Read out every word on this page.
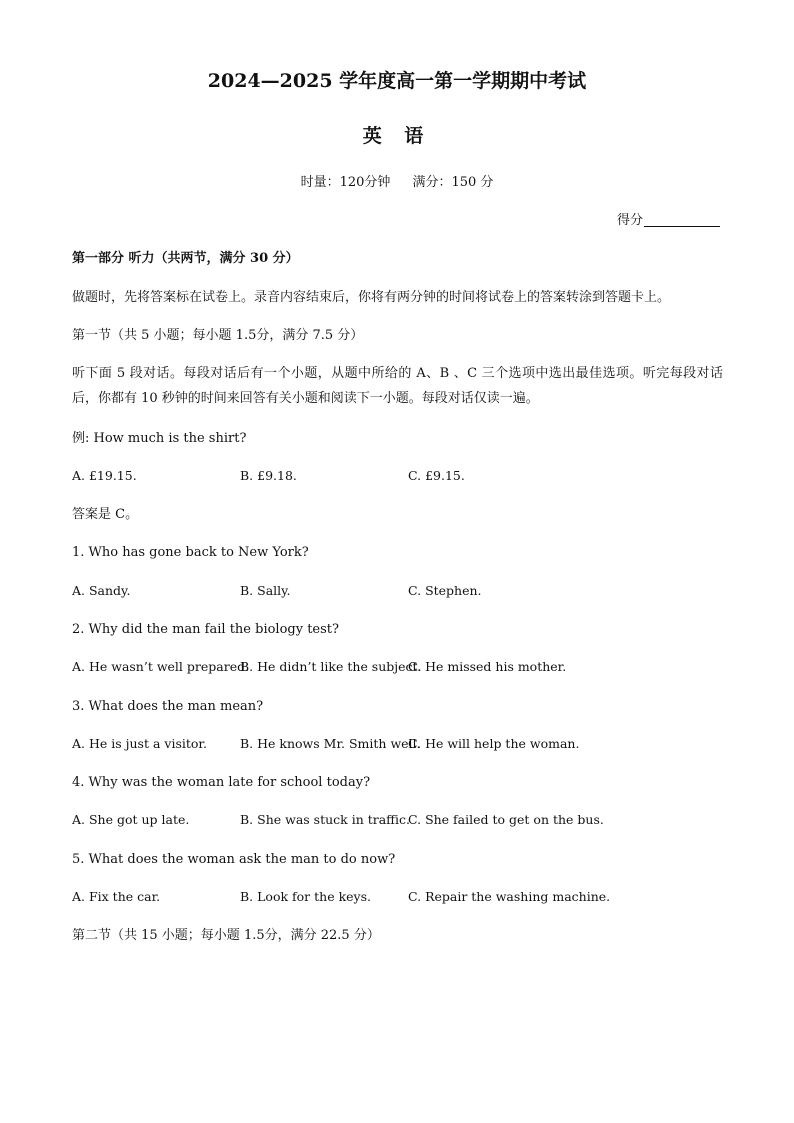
2024—2025 学年度高一第一学期期中考试
英 语
时量：120分钟 满分：150 分
得分
第一部分 听力（共两节，满分 30 分）
做题时，先将答案标在试卷上。录音内容结束后，你将有两分钟的时间将试卷上的答案转涂到答题卡上。
第一节（共 5 小题；每小题 1.5分，满分 7.5 分）
听下面 5 段对话。每段对话后有一个小题，从题中所给的 A、B 、C 三个选项中选出最佳选项。听完每段对话后，你都有 10 秒钟的时间来回答有关小题和阅读下一小题。每段对话仅读一遍。
例: How much is the shirt?
A. £19.15.	B. £9.18.	C. £9.15.
答案是 C。
1. Who has gone back to New York?
A. Sandy.	B. Sally.	C. Stephen.
2. Why did the man fail the biology test?
A. He wasn’t well prepared.
B. He didn’t like the subject.
C. He missed his mother.
3. What does the man mean?
A. He is just a visitor.	B. He knows Mr. Smith well.
C. He will help the woman.
4. Why was the woman late for school today?
A. She got up late.	B. She was stuck in traffic.
C. She failed to get on the bus.
5. What does the woman ask the man to do now?
A. Fix the car.	B. Look for the keys.	C. Repair the washing machine.
第二节（共 15 小题；每小题 1.5分，满分 22.5 分）
